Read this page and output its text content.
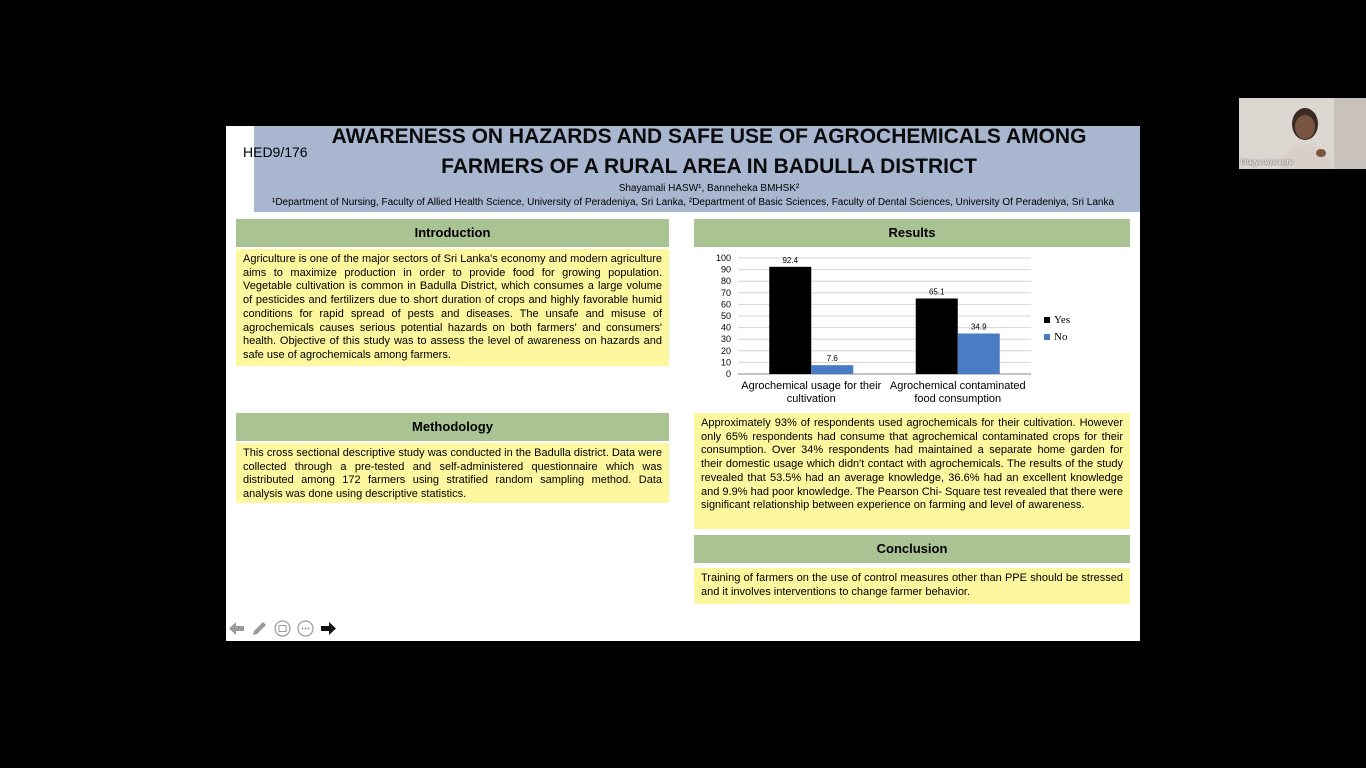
HED9/176
AWARENESS ON HAZARDS AND SAFE USE OF AGROCHEMICALS AMONG
FARMERS OF A RURAL AREA IN BADULLA DISTRICT
Shayamali HASW¹, Banneheka BMHSK²
¹Department of Nursing, Faculty of Allied Health Science, University of Peradeniya, Sri Lanka, ²Department of Basic Sciences, Faculty of Dental Sciences, University Of Peradeniya, Sri Lanka
Introduction
Agriculture is one of the major sectors of Sri Lanka's economy and modern agriculture aims to maximize production in order to provide food for growing population. Vegetable cultivation is common in Badulla District, which consumes a large volume of pesticides and fertilizers due to short duration of crops and highly favorable humid conditions for rapid spread of pests and diseases. The unsafe and misuse of agrochemicals causes serious potential hazards on both farmers' and consumers' health. Objective of this study was to assess the level of awareness on hazards and safe use of agrochemicals among farmers.
Methodology
This cross sectional descriptive study was conducted in the Badulla district. Data were collected through a pre-tested and self-administered questionnaire which was distributed among 172 farmers using stratified random sampling method. Data analysis was done using descriptive statistics.
Results
0
10
20
30
40
50
60
70
80
90
100	92.4
7.6
Agrochemical usage for their
cultivation
65.1
34.9
Agrochemical contaminated
food consumption
Yes
No
Approximately 93% of respondents used agrochemicals for their cultivation. However only 65% respondents had consume that agrochemical contaminated crops for their consumption. Over 34% respondents had maintained a separate home garden for their domestic usage which didn't contact with agrochemicals. The results of the study revealed that 53.5% had an average knowledge, 36.6% had an excellent knowledge and 9.9% had poor knowledge. The Pearson Chi- Square test revealed that there were significant relationship between experience on farming and level of awareness.
Conclusion
Training of farmers on the use of control measures other than PPE should be stressed and it involves interventions to change farmer behavior.
Bhagya Jayasinghe
